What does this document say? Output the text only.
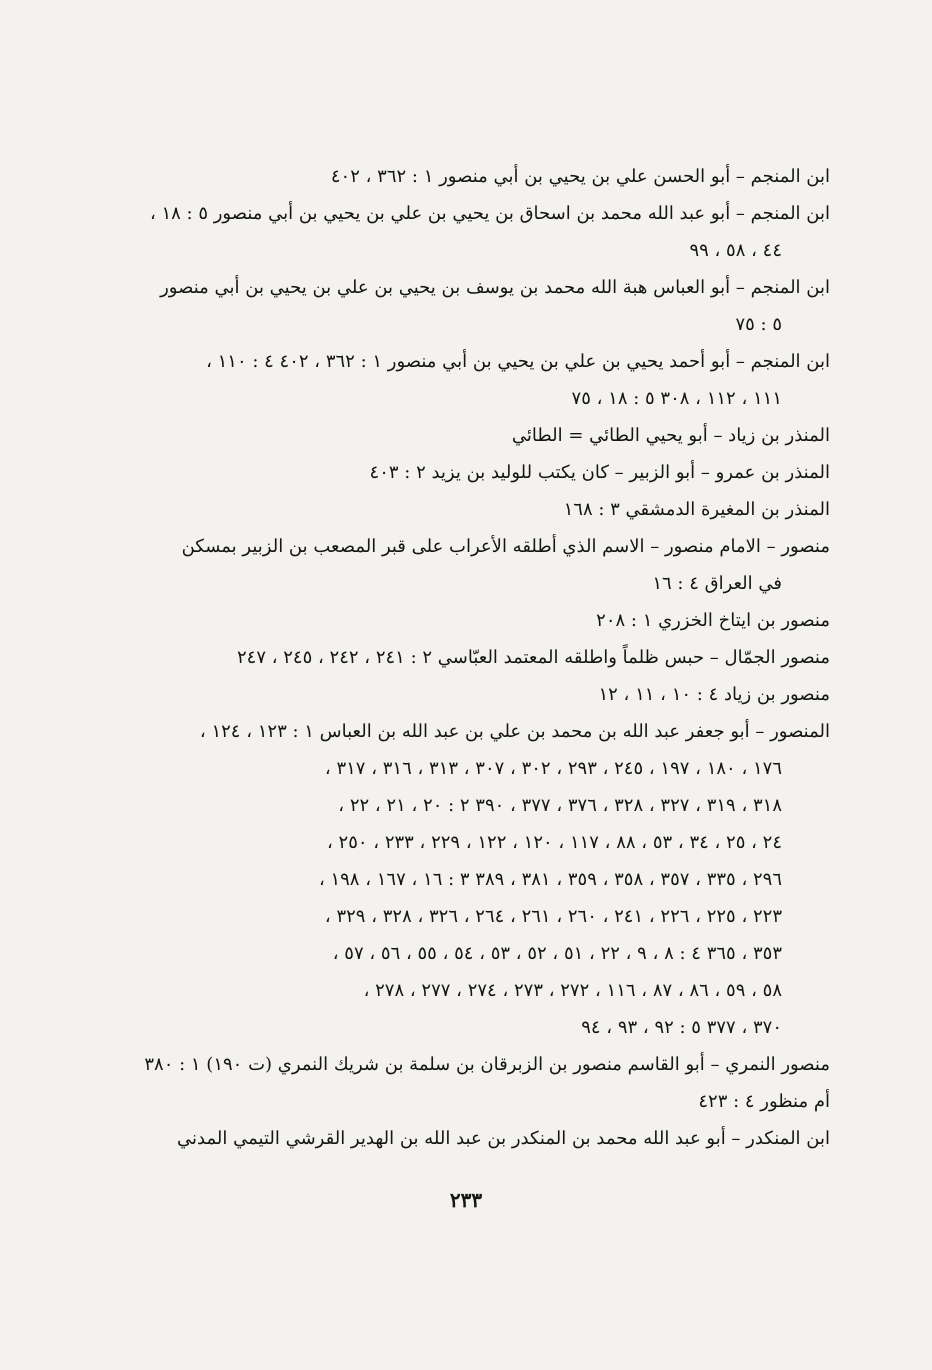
ابن المنجم – أبو الحسن علي بن يحيي بن أبي منصور ١ : ٣٦٢ ، ٤٠٢
ابن المنجم – أبو عبد الله محمد بن اسحاق بن يحيي بن علي بن يحيي بن أبي منصور ٥ : ١٨ ،
٤٤ ، ٥٨ ، ٩٩
ابن المنجم – أبو العباس هبة الله محمد بن يوسف بن يحيي بن علي بن يحيي بن أبي منصور
٥ : ٧٥
ابن المنجم – أبو أحمد يحيي بن علي بن يحيي بن أبي منصور ١ : ٣٦٢ ، ٤٠٢ ٤ : ١١٠ ،
١١١ ، ١١٢ ، ٣٠٨ ٥ : ١٨ ، ٧٥
المنذر بن زياد – أبو يحيي الطائي = الطائي
المنذر بن عمرو – أبو الزبير – كان يكتب للوليد بن يزيد ٢ : ٤٠٣
المنذر بن المغيرة الدمشقي ٣ : ١٦٨
منصور – الامام منصور – الاسم الذي أطلقه الأعراب على قبر المصعب بن الزبير بمسكن
في العراق ٤ : ١٦
منصور بن ايتاخ الخزري ١ : ٢٠٨
منصور الجمّال – حبس ظلماً واطلقه المعتمد العبّاسي ٢ : ٢٤١ ، ٢٤٢ ، ٢٤٥ ، ٢٤٧
منصور بن زياد ٤ : ١٠ ، ١١ ، ١٢
المنصور – أبو جعفر عبد الله بن محمد بن علي بن عبد الله بن العباس ١ : ١٢٣ ، ١٢٤ ،
١٧٦ ، ١٨٠ ، ١٩٧ ، ٢٤٥ ، ٢٩٣ ، ٣٠٢ ، ٣٠٧ ، ٣١٣ ، ٣١٦ ، ٣١٧ ،
٣١٨ ، ٣١٩ ، ٣٢٧ ، ٣٢٨ ، ٣٧٦ ، ٣٧٧ ، ٣٩٠ ٢ : ٢٠ ، ٢١ ، ٢٢ ،
٢٤ ، ٢٥ ، ٣٤ ، ٥٣ ، ٨٨ ، ١١٧ ، ١٢٠ ، ١٢٢ ، ٢٢٩ ، ٢٣٣ ، ٢٥٠ ،
٢٩٦ ، ٣٣٥ ، ٣٥٧ ، ٣٥٨ ، ٣٥٩ ، ٣٨١ ، ٣٨٩ ٣ : ١٦ ، ١٦٧ ، ١٩٨ ،
٢٢٣ ، ٢٢٥ ، ٢٢٦ ، ٢٤١ ، ٢٦٠ ، ٢٦١ ، ٢٦٤ ، ٣٢٦ ، ٣٢٨ ، ٣٢٩ ،
٣٥٣ ، ٣٦٥ ٤ : ٨ ، ٩ ، ٢٢ ، ٥١ ، ٥٢ ، ٥٣ ، ٥٤ ، ٥٥ ، ٥٦ ، ٥٧ ،
٥٨ ، ٥٩ ، ٨٦ ، ٨٧ ، ١١٦ ، ٢٧٢ ، ٢٧٣ ، ٢٧٤ ، ٢٧٧ ، ٢٧٨ ،
٣٧٠ ، ٣٧٧ ٥ : ٩٢ ، ٩٣ ، ٩٤
منصور النمري – أبو القاسم منصور بن الزبرقان بن سلمة بن شريك النمري (ت ١٩٠) ١ : ٣٨٠
أم منظور ٤ : ٤٢٣
ابن المنكدر – أبو عبد الله محمد بن المنكدر بن عبد الله بن الهدير القرشي التيمي المدني
٢٣٣
